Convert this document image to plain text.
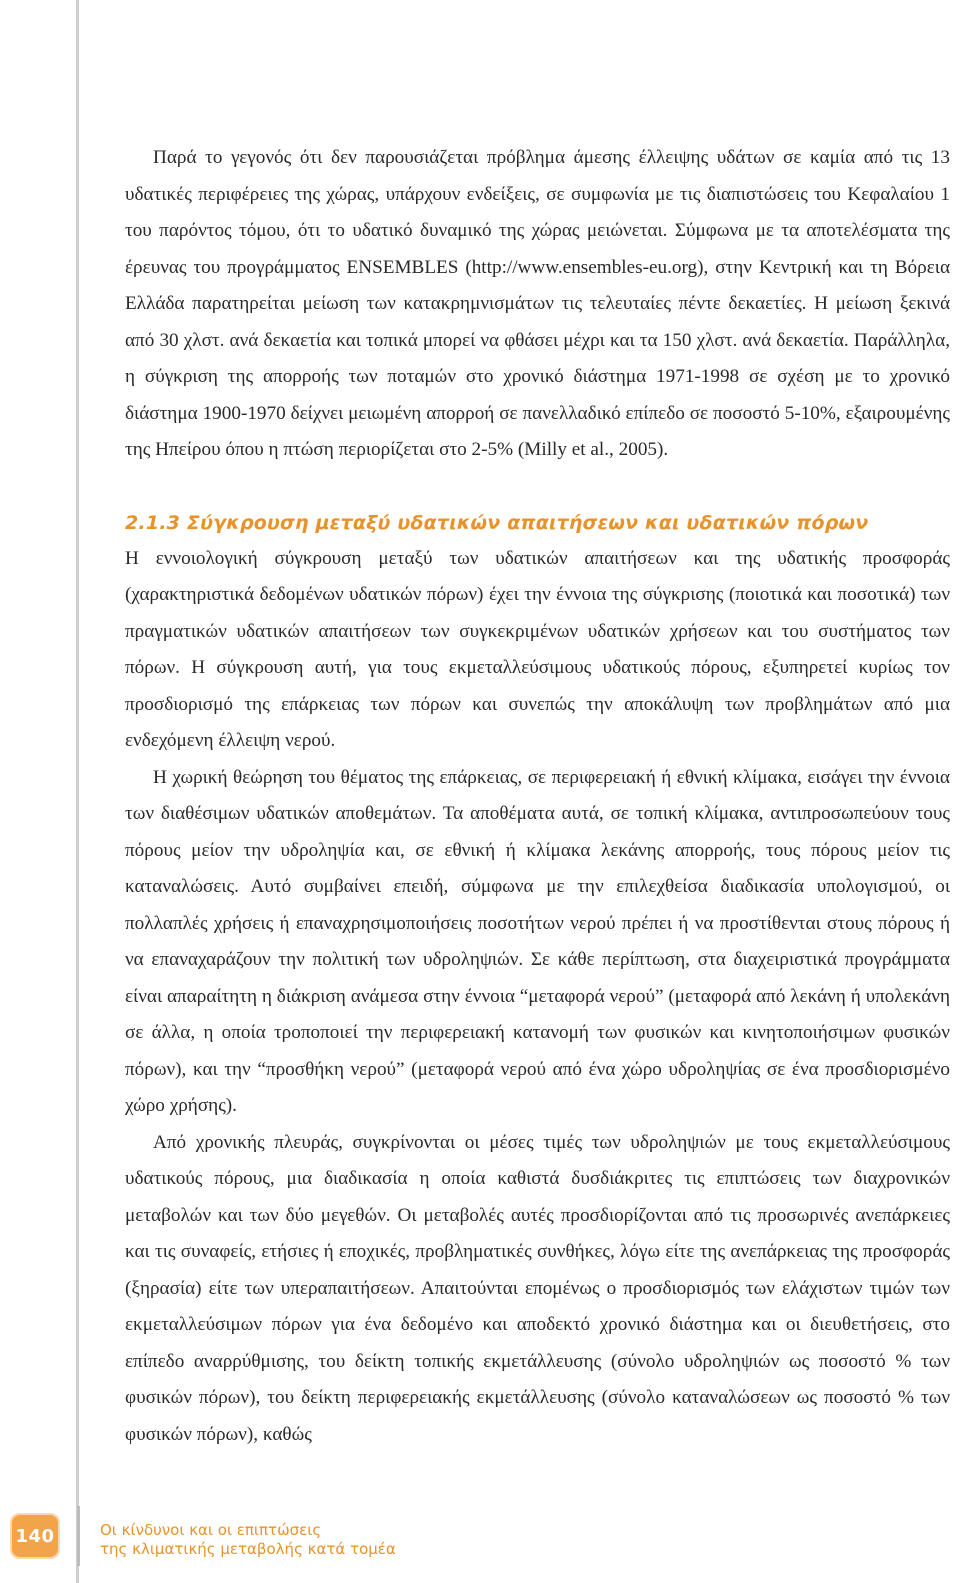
Παρά το γεγονός ότι δεν παρουσιάζεται πρόβλημα άμεσης έλλειψης υδάτων σε καμία από τις 13 υδατικές περιφέρειες της χώρας, υπάρχουν ενδείξεις, σε συμφωνία με τις διαπιστώσεις του Κεφαλαίου 1 του παρόντος τόμου, ότι το υδατικό δυναμικό της χώρας μειώνεται. Σύμφωνα με τα αποτελέσματα της έρευνας του προγράμματος ENSEMBLES (http://www.ensembles-eu.org), στην Κεντρική και τη Βόρεια Ελλάδα παρατηρείται μείωση των κατακρημνισμάτων τις τελευταίες πέντε δεκαετίες. Η μείωση ξεκινά από 30 χλστ. ανά δεκαετία και τοπικά μπορεί να φθάσει μέχρι και τα 150 χλστ. ανά δεκαετία. Παράλληλα, η σύγκριση της απορροής των ποταμών στο χρονικό διάστημα 1971-1998 σε σχέση με το χρονικό διάστημα 1900-1970 δείχνει μειωμένη απορροή σε πανελλαδικό επίπεδο σε ποσοστό 5-10%, εξαιρουμένης της Ηπείρου όπου η πτώση περιορίζεται στο 2-5% (Milly et al., 2005).

2.1.3 Σύγκρουση μεταξύ υδατικών απαιτήσεων και υδατικών πόρων

Η εννοιολογική σύγκρουση μεταξύ των υδατικών απαιτήσεων και της υδατικής προσφοράς (χαρακτηριστικά δεδομένων υδατικών πόρων) έχει την έννοια της σύγκρισης (ποιοτικά και ποσοτικά) των πραγματικών υδατικών απαιτήσεων των συγκεκριμένων υδατικών χρήσεων και του συστήματος των πόρων. Η σύγκρουση αυτή, για τους εκμεταλλεύσιμους υδατικούς πόρους, εξυπηρετεί κυρίως τον προσδιορισμό της επάρκειας των πόρων και συνεπώς την αποκάλυψη των προβλημάτων από μια ενδεχόμενη έλλειψη νερού.

Η χωρική θεώρηση του θέματος της επάρκειας, σε περιφερειακή ή εθνική κλίμακα, εισάγει την έννοια των διαθέσιμων υδατικών αποθεμάτων. Τα αποθέματα αυτά, σε τοπική κλίμακα, αντιπροσωπεύουν τους πόρους μείον την υδροληψία και, σε εθνική ή κλίμακα λεκάνης απορροής, τους πόρους μείον τις καταναλώσεις. Αυτό συμβαίνει επειδή, σύμφωνα με την επιλεχθείσα διαδικασία υπολογισμού, οι πολλαπλές χρήσεις ή επαναχρησιμοποιήσεις ποσοτήτων νερού πρέπει ή να προστίθενται στους πόρους ή να επαναχαράζουν την πολιτική των υδροληψιών. Σε κάθε περίπτωση, στα διαχειριστικά προγράμματα είναι απαραίτητη η διάκριση ανάμεσα στην έννοια “μεταφορά νερού” (μεταφορά από λεκάνη ή υπολεκάνη σε άλλα, η οποία τροποποιεί την περιφερειακή κατανομή των φυσικών και κινητοποιήσιμων φυσικών πόρων), και την “προσθήκη νερού” (μεταφορά νερού από ένα χώρο υδροληψίας σε ένα προσδιορισμένο χώρο χρήσης).

Από χρονικής πλευράς, συγκρίνονται οι μέσες τιμές των υδροληψιών με τους εκμεταλλεύσιμους υδατικούς πόρους, μια διαδικασία η οποία καθιστά δυσδιάκριτες τις επιπτώσεις των διαχρονικών μεταβολών και των δύο μεγεθών. Οι μεταβολές αυτές προσδιορίζονται από τις προσωρινές ανεπάρκειες και τις συναφείς, ετήσιες ή εποχικές, προβληματικές συνθήκες, λόγω είτε της ανεπάρκειας της προσφοράς (ξηρασία) είτε των υπεραπαιτήσεων. Απαιτούνται επομένως ο προσδιορισμός των ελάχιστων τιμών των εκμεταλλεύσιμων πόρων για ένα δεδομένο και αποδεκτό χρονικό διάστημα και οι διευθετήσεις, στο επίπεδο αναρρύθμισης, του δείκτη τοπικής εκμετάλλευσης (σύνολο υδροληψιών ως ποσοστό % των φυσικών πόρων), του δείκτη περιφερειακής εκμετάλλευσης (σύνολο καταναλώσεων ως ποσοστό % των φυσικών πόρων), καθώς

140	Οι κίνδυνοι και οι επιπτώσεις
της κλιματικής μεταβολής κατά τομέα
